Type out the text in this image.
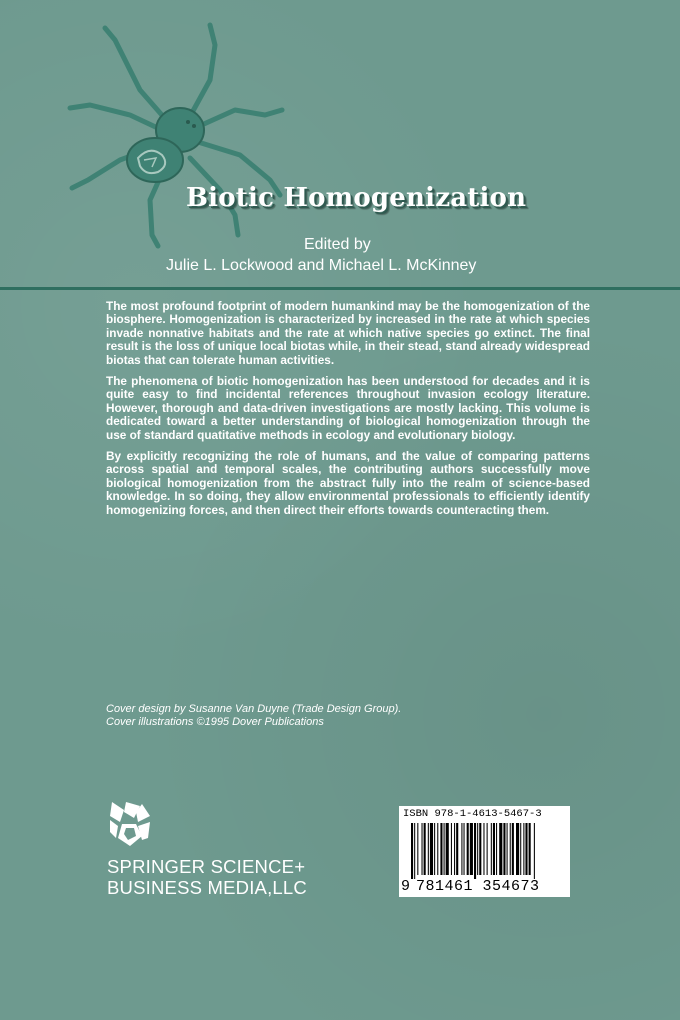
Biotic Homogenization

Edited by

Julie L. Lockwood and Michael L. McKinney

The most profound footprint of modern humankind may be the homogenization of the biosphere. Homogenization is characterized by increased in the rate at which species invade nonnative habitats and the rate at which native species go extinct. The final result is the loss of unique local biotas while, in their stead, stand already widespread biotas that can tolerate human activities.

The phenomena of biotic homogenization has been understood for decades and it is quite easy to find incidental references throughout invasion ecology literature. However, thorough and data-driven investigations are mostly lacking. This volume is dedicated toward a better understanding of biological homogenization through the use of standard quatitative methods in ecology and evolutionary biology.

By explicitly recognizing the role of humans, and the value of comparing patterns across spatial and temporal scales, the contributing authors successfully move biological homogenization from the abstract fully into the realm of science-based knowledge. In so doing, they allow environmental professionals to efficiently identify homogenizing forces, and then direct their efforts towards counteracting them.

Cover design by Susanne Van Duyne (Trade Design Group).
Cover illustrations ©1995 Dover Publications
SPRINGER SCIENCE+
BUSINESS MEDIA,LLC
ISBN 978-1-4613-5467-3
9 781461 354673
